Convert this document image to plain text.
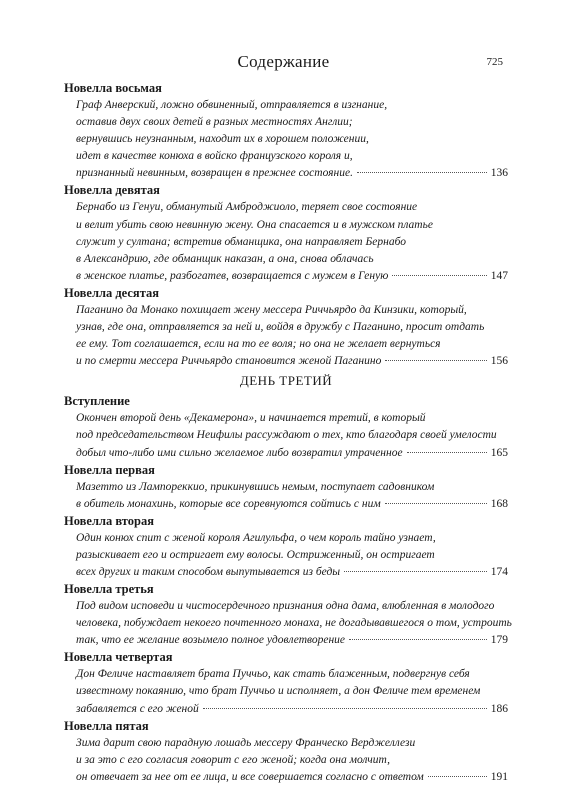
Содержание	725
Новелла восьмая
Граф Анверский, ложно обвиненный, отправляется в изгнание,
оставив двух своих детей в разных местностях Англии;
вернувшись неузнанным, находит их в хорошем положении,
идет в качестве конюха в войско французского короля и,
признанный невинным, возвращен в прежнее состояние.	136
Новелла девятая
Бернабо из Генуи, обманутый Амброджиоло, теряет свое состояние
и велит убить свою невинную жену. Она спасается и в мужском платье
служит у султана; встретив обманщика, она направляет Бернабо
в Александрию, где обманщик наказан, а она, снова облачась
в женское платье, разбогатев, возвращается с мужем в Геную	147
Новелла десятая
Паганино да Монако похищает жену мессера Риччьярдо да Кинзики, который,
узнав, где она, отправляется за ней и, войдя в дружбу с Паганино, просит отдать
ее ему. Тот соглашается, если на то ее воля; но она не желает вернуться
и по смерти мессера Риччьярдо становится женой Паганино	156
ДЕНЬ ТРЕТИЙ
Вступление
Окончен второй день «Декамерона», и начинается третий, в который
под председательством Неифилы рассуждают о тех, кто благодаря своей умелости
добыл что-либо ими сильно желаемое либо возвратил утраченное	165
Новелла первая
Мазетто из Лампореккио, прикинувшись немым, поступает садовником
в обитель монахинь, которые все соревнуются сойтись с ним	168
Новелла вторая
Один конюх спит с женой короля Агилульфа, о чем король тайно узнает,
разыскивает его и остригает ему волосы. Остриженный, он остригает
всех других и таким способом выпутывается из беды	174
Новелла третья
Под видом исповеди и чистосердечного признания одна дама, влюбленная в молодого
человека, побуждает некоего почтенного монаха, не догадывавшегося о том, устроить
так, что ее желание возымело полное удовлетворение	179
Новелла четвертая
Дон Феличе наставляет брата Пуччьо, как стать блаженным, подвергнув себя
известному покаянию, что брат Пуччьо и исполняет, а дон Феличе тем временем
забавляется с его женой	186
Новелла пятая
Зима дарит свою парадную лошадь мессеру Франческо Верджеллези
и за это с его согласия говорит с его женой; когда она молчит,
он отвечает за нее от ее лица, и все совершается согласно с ответом	191
